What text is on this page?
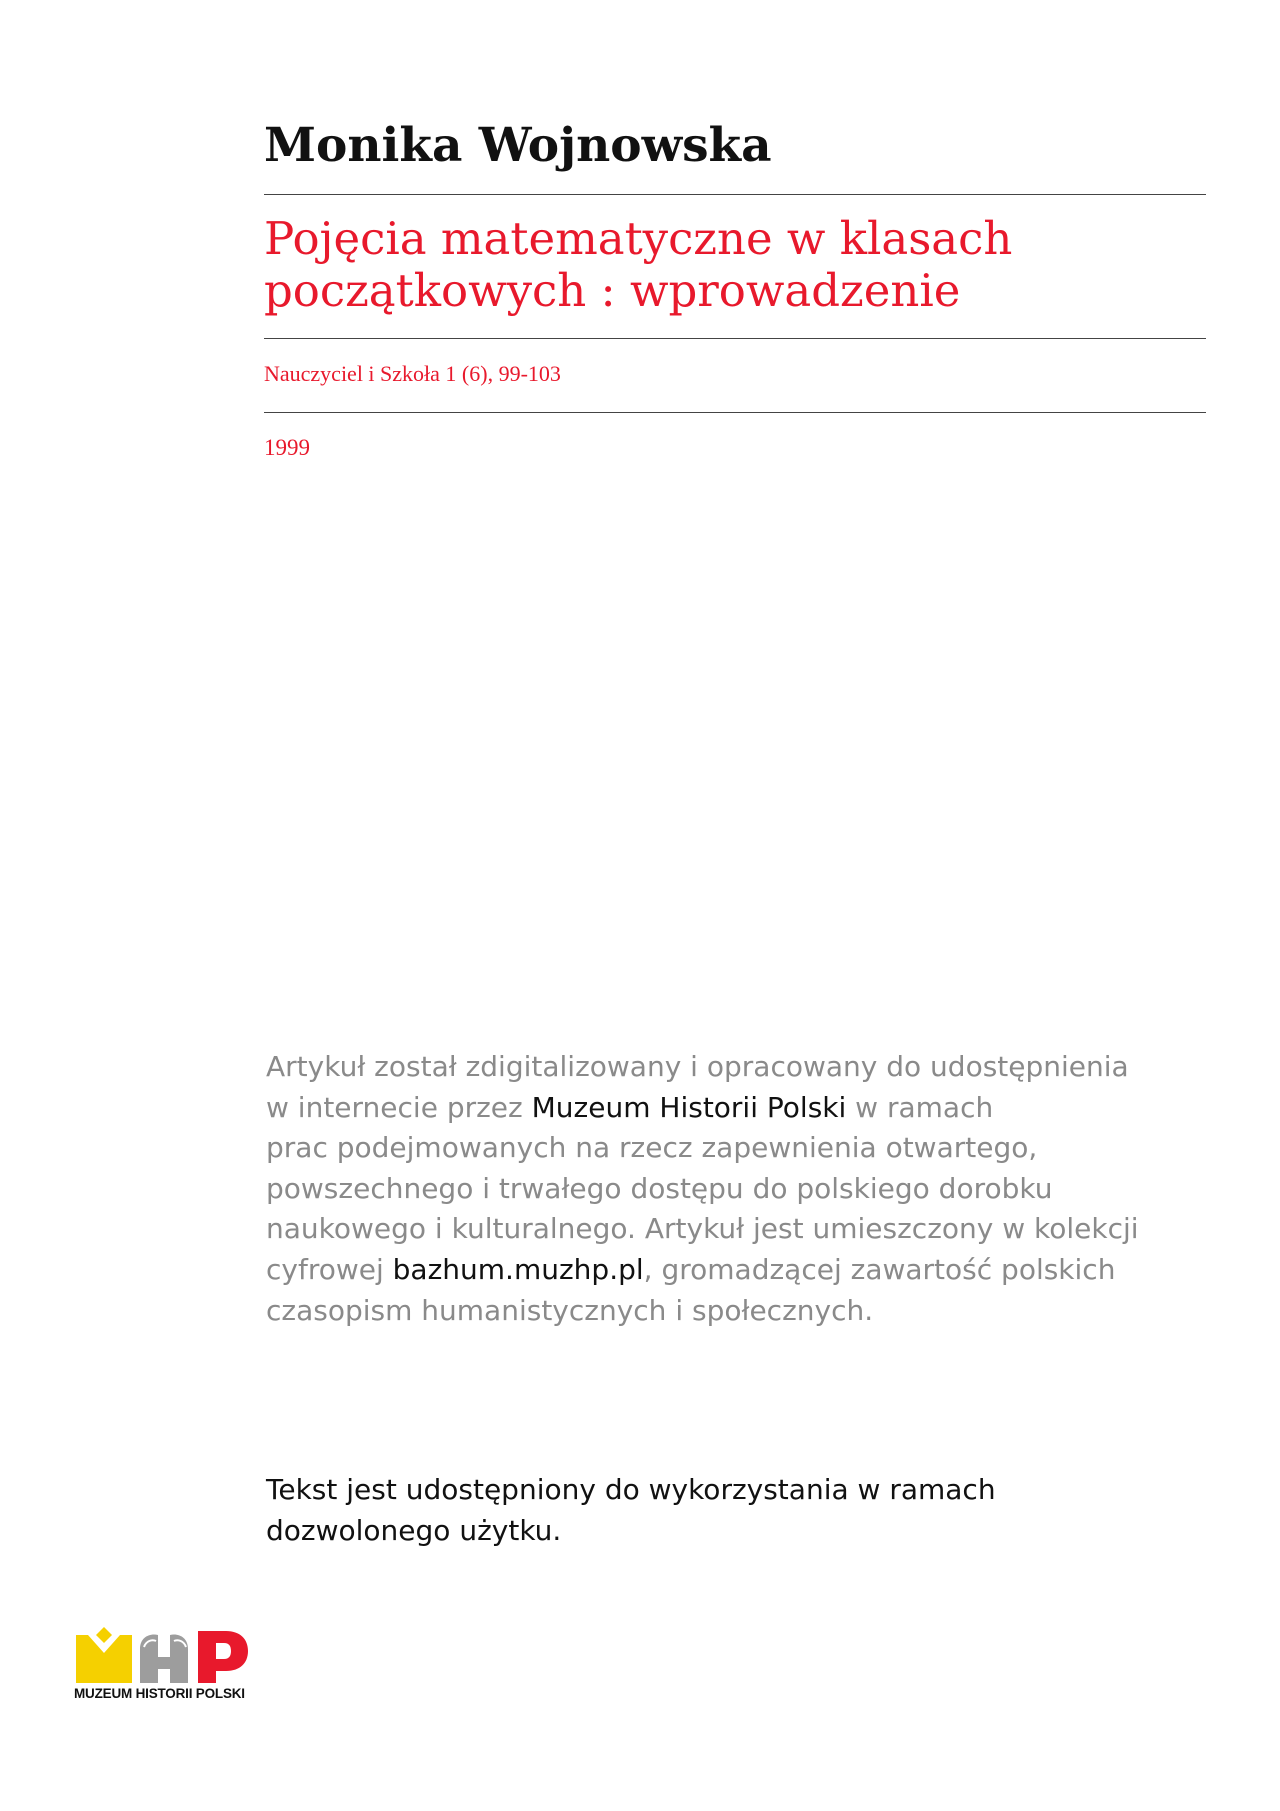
Monika Wojnowska
Pojęcia matematyczne w klasach
początkowych : wprowadzenie
Nauczyciel i Szkoła 1 (6), 99-103
1999
Artykuł został zdigitalizowany i opracowany do udostępnienia
w internecie przez Muzeum Historii Polski w ramach
prac podejmowanych na rzecz zapewnienia otwartego,
powszechnego i trwałego dostępu do polskiego dorobku
naukowego i kulturalnego. Artykuł jest umieszczony w kolekcji
cyfrowej bazhum.muzhp.pl, gromadzącej zawartość polskich
czasopism humanistycznych i społecznych.
Tekst jest udostępniony do wykorzystania w ramach
dozwolonego użytku.
MUZEUM HISTORII POLSKI
